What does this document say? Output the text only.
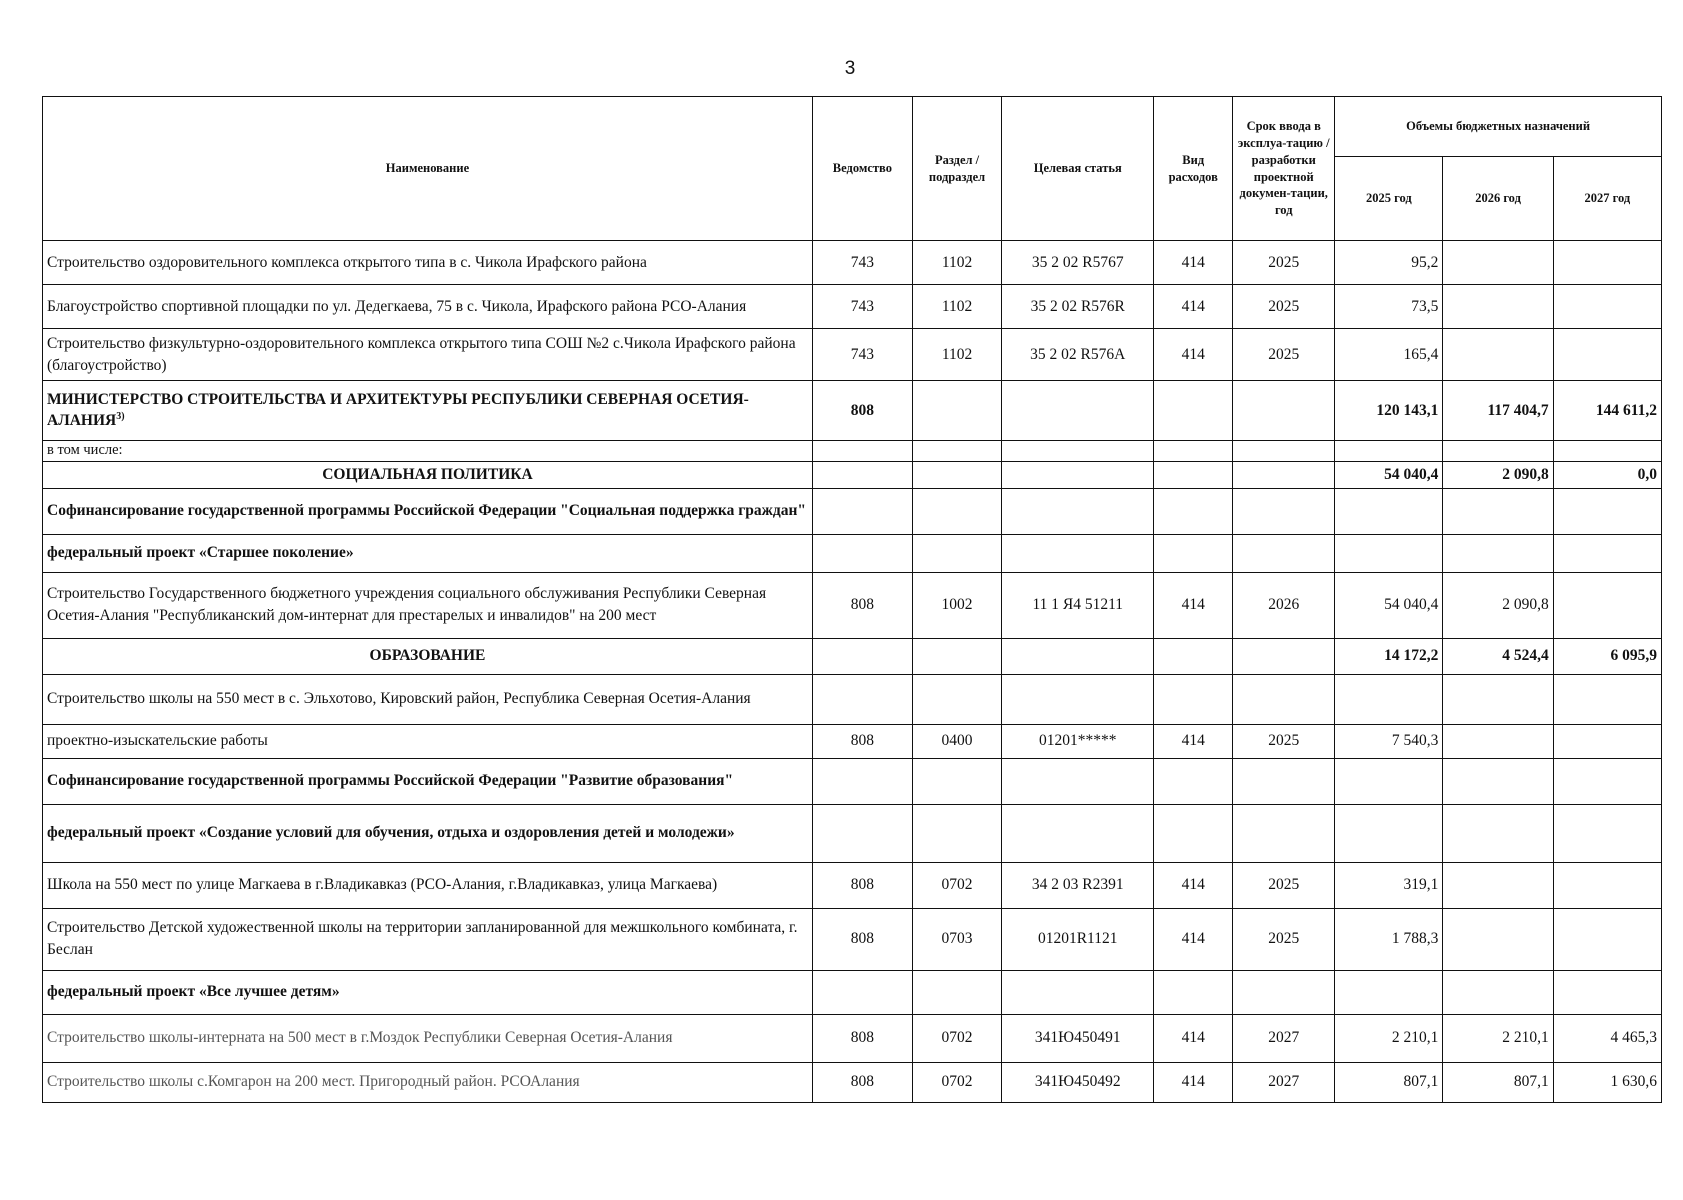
3
Наименование	Ведомство	Раздел / подраздел	Целевая статья	Вид расходов	Срок ввода в эксплуа-тацию / разработки проектной докумен-тации, год	Объемы бюджетных назначений		
						2025 год	2026 год	2027 год
Строительство оздоровительного комплекса открытого типа в с. Чикола Ирафского района	743	1102	35 2 02 R5767	414	2025	95,2		
Благоустройство спортивной площадки по ул. Дедегкаева, 75 в с. Чикола, Ирафского района РСО-Алания	743	1102	35 2 02 R576R	414	2025	73,5		
Строительство физкультурно-оздоровительного комплекса открытого типа СОШ №2 с.Чикола Ирафского района (благоустройство)	743	1102	35 2 02 R576A	414	2025	165,4		
МИНИСТЕРСТВО СТРОИТЕЛЬСТВА И АРХИТЕКТУРЫ РЕСПУБЛИКИ СЕВЕРНАЯ ОСЕТИЯ-АЛАНИЯ$^{3)}$	808					120 143,1	117 404,7	144 611,2
в том числе:								
СОЦИАЛЬНАЯ ПОЛИТИКА						54 040,4	2 090,8	0,0
Софинансирование государственной программы Российской Федерации "Социальная поддержка граждан"								
федеральный проект «Старшее поколение»								
Строительство Государственного бюджетного учреждения социального обслуживания Республики Северная Осетия-Алания "Республиканский дом-интернат для престарелых и инвалидов" на 200 мест	808	1002	11 1 Я4 51211	414	2026	54 040,4	2 090,8	
ОБРАЗОВАНИЕ						14 172,2	4 524,4	6 095,9
Строительство школы на 550 мест в с. Эльхотово, Кировский район, Республика Северная Осетия-Алания								
проектно-изыскательские работы	808	0400	01201*****	414	2025	7 540,3		
Софинансирование государственной программы Российской Федерации "Развитие образования"								
федеральный проект «Создание условий для обучения, отдыха и оздоровления детей и молодежи»								
Школа на 550 мест по улице Магкаева в г.Владикавказ (РСО-Алания, г.Владикавказ, улица Магкаева)	808	0702	34 2 03 R2391	414	2025	319,1		
Строительство Детской художественной школы на территории запланированной для межшкольного комбината, г. Беслан	808	0703	01201R1121	414	2025	1 788,3		
федеральный проект «Все лучшее детям»								
Строительство школы-интерната на 500 мест в г.Моздок Республики Северная Осетия-Алания	808	0702	341Ю450491	414	2027	2 210,1	2 210,1	4 465,3
Строительство школы с.Комгарон на 200 мест. Пригородный район. РСОАлания	808	0702	341Ю450492	414	2027	807,1	807,1	1 630,6
